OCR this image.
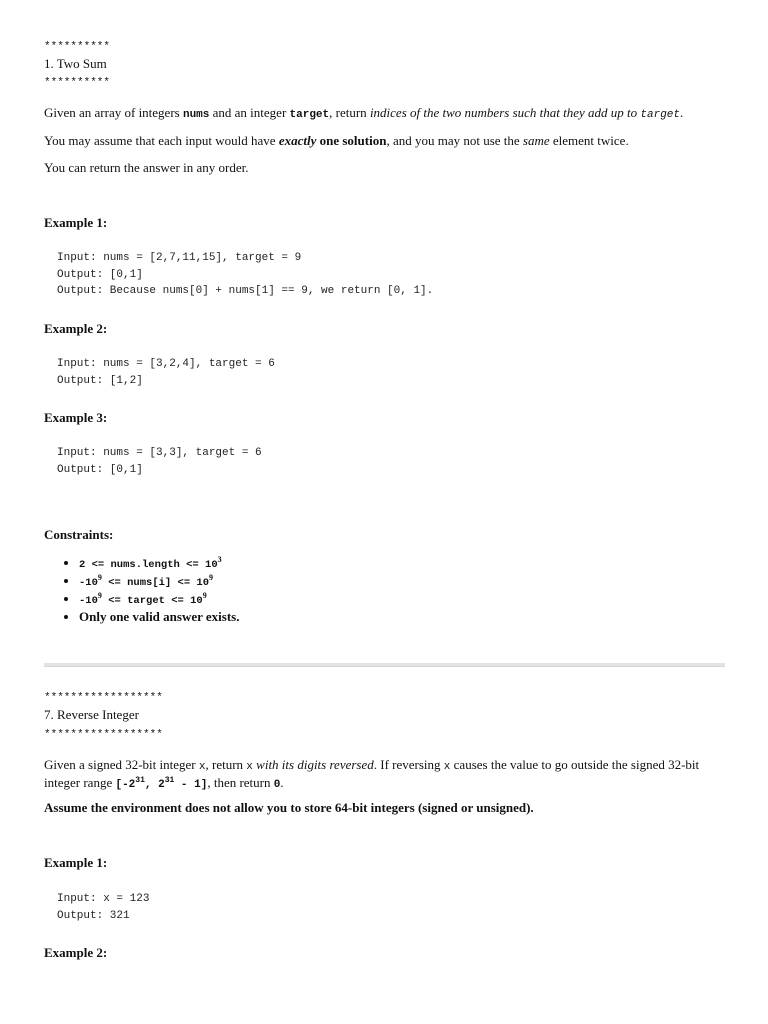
**********
1. Two Sum
**********
Given an array of integers nums and an integer target, return indices of the two numbers such that they add up to target.
You may assume that each input would have exactly one solution, and you may not use the same element twice.
You can return the answer in any order.
Example 1:
Input: nums = [2,7,11,15], target = 9
Output: [0,1]
Output: Because nums[0] + nums[1] == 9, we return [0, 1].
Example 2:
Input: nums = [3,2,4], target = 6
Output: [1,2]
Example 3:
Input: nums = [3,3], target = 6
Output: [0,1]
Constraints:
• 2 <= nums.length <= $10^3$
• $-10^9$ <= nums[i] <= $10^9$
• $-10^9$ <= target <= $10^9$
• Only one valid answer exists.
******************
7. Reverse Integer
******************
Given a signed 32-bit integer x, return x with its digits reversed. If reversing x causes the value to go outside the signed 32-bit integer range [$-2^{31}$, $2^{31} - 1$], then return 0.
Assume the environment does not allow you to store 64-bit integers (signed or unsigned).
Example 1:
Input: x = 123
Output: 321
Example 2:
